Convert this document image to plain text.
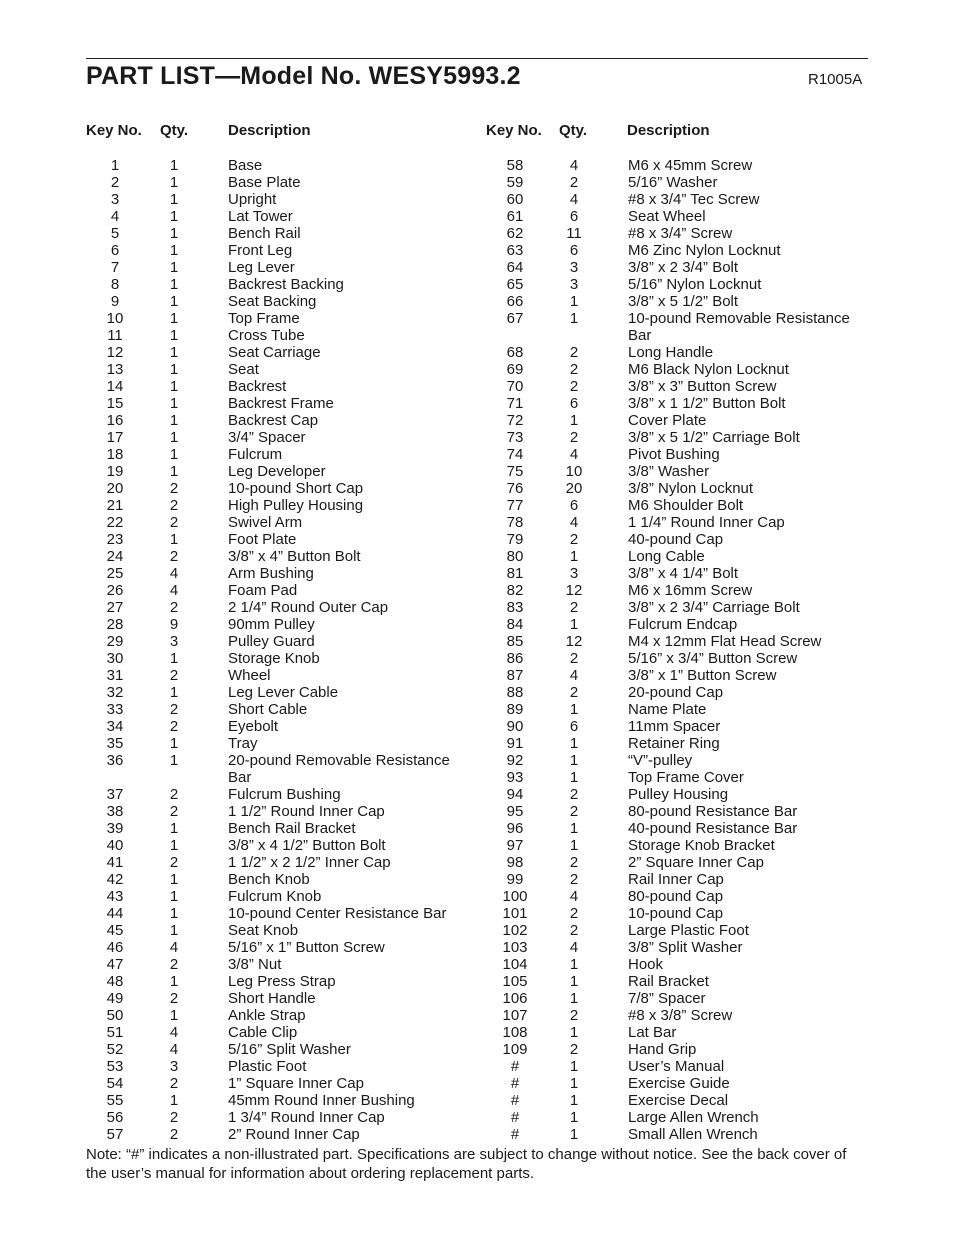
PART LIST—Model No. WESY5993.2	R1005A
Key No. Qty.	Description	Key No. Qty.	Description
1	1	Base
2	1	Base Plate
3	1	Upright
4	1	Lat Tower
5	1	Bench Rail
6	1	Front Leg
7	1	Leg Lever
8	1	Backrest Backing
9	1	Seat Backing
10	1	Top Frame
11	1	Cross Tube
12	1	Seat Carriage
13	1	Seat
14	1	Backrest
15	1	Backrest Frame
16	1	Backrest Cap
17	1	3/4” Spacer
18	1	Fulcrum
19	1	Leg Developer
20	2	10-pound Short Cap
21	2	High Pulley Housing
22	2	Swivel Arm
23	1	Foot Plate
24	2	3/8” x 4” Button Bolt
25	4	Arm Bushing
26	4	Foam Pad
27	2	2 1/4” Round Outer Cap
28	9	90mm Pulley
29	3	Pulley Guard
30	1	Storage Knob
31	2	Wheel
32	1	Leg Lever Cable
33	2	Short Cable
34	2	Eyebolt
35	1	Tray
36	1	20-pound Removable Resistance
Bar
37	2	Fulcrum Bushing
38	2	1 1/2” Round Inner Cap
39	1	Bench Rail Bracket
40	1	3/8” x 4 1/2” Button Bolt
41	2	1 1/2” x 2 1/2” Inner Cap
42	1	Bench Knob
43	1	Fulcrum Knob
44	1	10-pound Center Resistance Bar
45	1	Seat Knob
46	4	5/16” x 1” Button Screw
47	2	3/8” Nut
48	1	Leg Press Strap
49	2	Short Handle
50	1	Ankle Strap
51	4	Cable Clip
52	4	5/16” Split Washer
53	3	Plastic Foot
54	2	1” Square Inner Cap
55	1	45mm Round Inner Bushing
56	2	1 3/4” Round Inner Cap
57	2	2” Round Inner Cap
58	4	M6 x 45mm Screw
59	2	5/16” Washer
60	4	#8 x 3/4” Tec Screw
61	6	Seat Wheel
62	11	#8 x 3/4” Screw
63	6	M6 Zinc Nylon Locknut
64	3	3/8” x 2 3/4” Bolt
65	3	5/16” Nylon Locknut
66	1	3/8” x 5 1/2” Bolt
67	1	10-pound Removable Resistance
Bar
68	2	Long Handle
69	2	M6 Black Nylon Locknut
70	2	3/8” x 3” Button Screw
71	6	3/8” x 1 1/2” Button Bolt
72	1	Cover Plate
73	2	3/8” x 5 1/2” Carriage Bolt
74	4	Pivot Bushing
75	10	3/8” Washer
76	20	3/8” Nylon Locknut
77	6	M6 Shoulder Bolt
78	4	1 1/4” Round Inner Cap
79	2	40-pound Cap
80	1	Long Cable
81	3	3/8” x 4 1/4” Bolt
82	12	M6 x 16mm Screw
83	2	3/8” x 2 3/4” Carriage Bolt
84	1	Fulcrum Endcap
85	12	M4 x 12mm Flat Head Screw
86	2	5/16” x 3/4” Button Screw
87	4	3/8” x 1” Button Screw
88	2	20-pound Cap
89	1	Name Plate
90	6	11mm Spacer
91	1	Retainer Ring
92	1	“V”-pulley
93	1	Top Frame Cover
94	2	Pulley Housing
95	2	80-pound Resistance Bar
96	1	40-pound Resistance Bar
97	1	Storage Knob Bracket
98	2	2” Square Inner Cap
99	2	Rail Inner Cap
100	4	80-pound Cap
101	2	10-pound Cap
102	2	Large Plastic Foot
103	4	3/8” Split Washer
104	1	Hook
105	1	Rail Bracket
106	1	7/8” Spacer
107	2	#8 x 3/8” Screw
108	1	Lat Bar
109	2	Hand Grip
#	1	User’s Manual
#	1	Exercise Guide
#	1	Exercise Decal
#	1	Large Allen Wrench
#	1	Small Allen Wrench
Note: “#” indicates a non-illustrated part. Specifications are subject to change without notice. See the back cover of the user’s manual for information about ordering replacement parts.
